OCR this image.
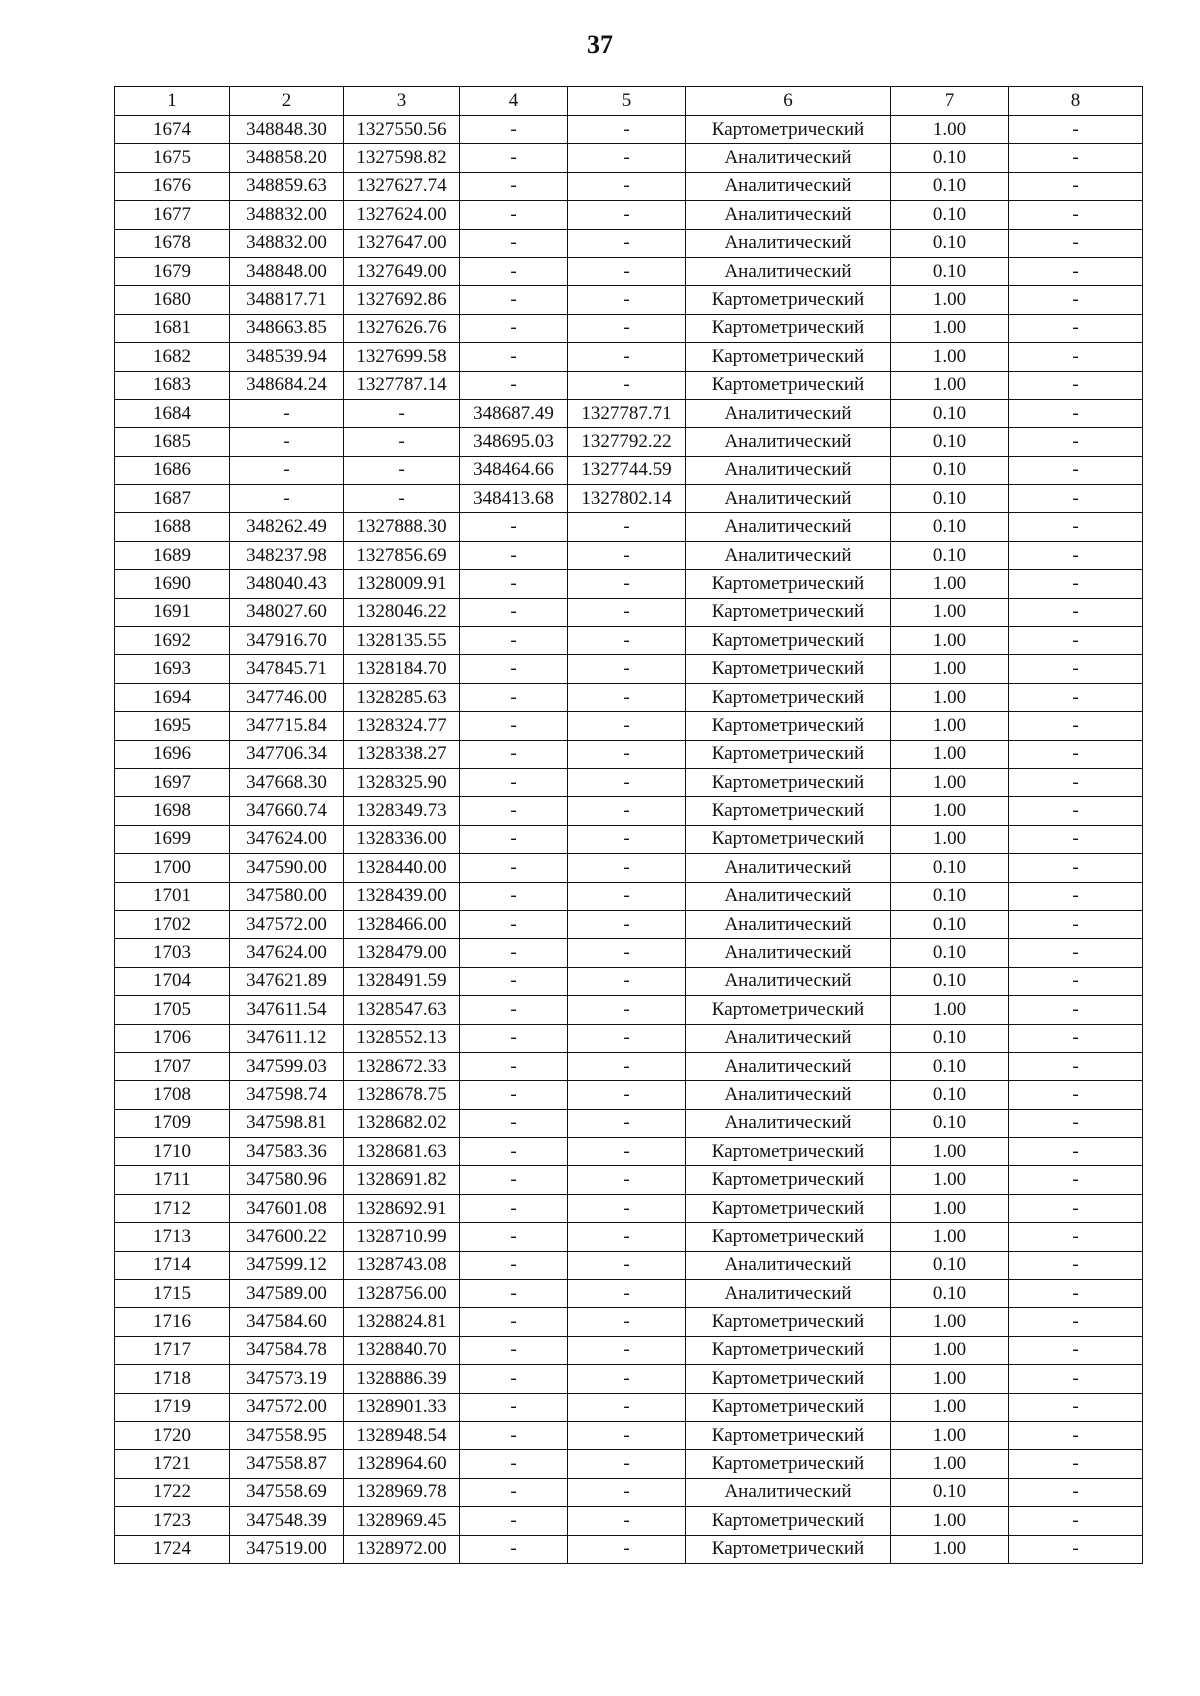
37
1	2	3	4	5	6	7	8
1674	348848.30	1327550.56	-	-	Картометрический	1.00	-
1675	348858.20	1327598.82	-	-	Аналитический	0.10	-
1676	348859.63	1327627.74	-	-	Аналитический	0.10	-
1677	348832.00	1327624.00	-	-	Аналитический	0.10	-
1678	348832.00	1327647.00	-	-	Аналитический	0.10	-
1679	348848.00	1327649.00	-	-	Аналитический	0.10	-
1680	348817.71	1327692.86	-	-	Картометрический	1.00	-
1681	348663.85	1327626.76	-	-	Картометрический	1.00	-
1682	348539.94	1327699.58	-	-	Картометрический	1.00	-
1683	348684.24	1327787.14	-	-	Картометрический	1.00	-
1684	-	-	348687.49	1327787.71	Аналитический	0.10	-
1685	-	-	348695.03	1327792.22	Аналитический	0.10	-
1686	-	-	348464.66	1327744.59	Аналитический	0.10	-
1687	-	-	348413.68	1327802.14	Аналитический	0.10	-
1688	348262.49	1327888.30	-	-	Аналитический	0.10	-
1689	348237.98	1327856.69	-	-	Аналитический	0.10	-
1690	348040.43	1328009.91	-	-	Картометрический	1.00	-
1691	348027.60	1328046.22	-	-	Картометрический	1.00	-
1692	347916.70	1328135.55	-	-	Картометрический	1.00	-
1693	347845.71	1328184.70	-	-	Картометрический	1.00	-
1694	347746.00	1328285.63	-	-	Картометрический	1.00	-
1695	347715.84	1328324.77	-	-	Картометрический	1.00	-
1696	347706.34	1328338.27	-	-	Картометрический	1.00	-
1697	347668.30	1328325.90	-	-	Картометрический	1.00	-
1698	347660.74	1328349.73	-	-	Картометрический	1.00	-
1699	347624.00	1328336.00	-	-	Картометрический	1.00	-
1700	347590.00	1328440.00	-	-	Аналитический	0.10	-
1701	347580.00	1328439.00	-	-	Аналитический	0.10	-
1702	347572.00	1328466.00	-	-	Аналитический	0.10	-
1703	347624.00	1328479.00	-	-	Аналитический	0.10	-
1704	347621.89	1328491.59	-	-	Аналитический	0.10	-
1705	347611.54	1328547.63	-	-	Картометрический	1.00	-
1706	347611.12	1328552.13	-	-	Аналитический	0.10	-
1707	347599.03	1328672.33	-	-	Аналитический	0.10	-
1708	347598.74	1328678.75	-	-	Аналитический	0.10	-
1709	347598.81	1328682.02	-	-	Аналитический	0.10	-
1710	347583.36	1328681.63	-	-	Картометрический	1.00	-
1711	347580.96	1328691.82	-	-	Картометрический	1.00	-
1712	347601.08	1328692.91	-	-	Картометрический	1.00	-
1713	347600.22	1328710.99	-	-	Картометрический	1.00	-
1714	347599.12	1328743.08	-	-	Аналитический	0.10	-
1715	347589.00	1328756.00	-	-	Аналитический	0.10	-
1716	347584.60	1328824.81	-	-	Картометрический	1.00	-
1717	347584.78	1328840.70	-	-	Картометрический	1.00	-
1718	347573.19	1328886.39	-	-	Картометрический	1.00	-
1719	347572.00	1328901.33	-	-	Картометрический	1.00	-
1720	347558.95	1328948.54	-	-	Картометрический	1.00	-
1721	347558.87	1328964.60	-	-	Картометрический	1.00	-
1722	347558.69	1328969.78	-	-	Аналитический	0.10	-
1723	347548.39	1328969.45	-	-	Картометрический	1.00	-
1724	347519.00	1328972.00	-	-	Картометрический	1.00	-
